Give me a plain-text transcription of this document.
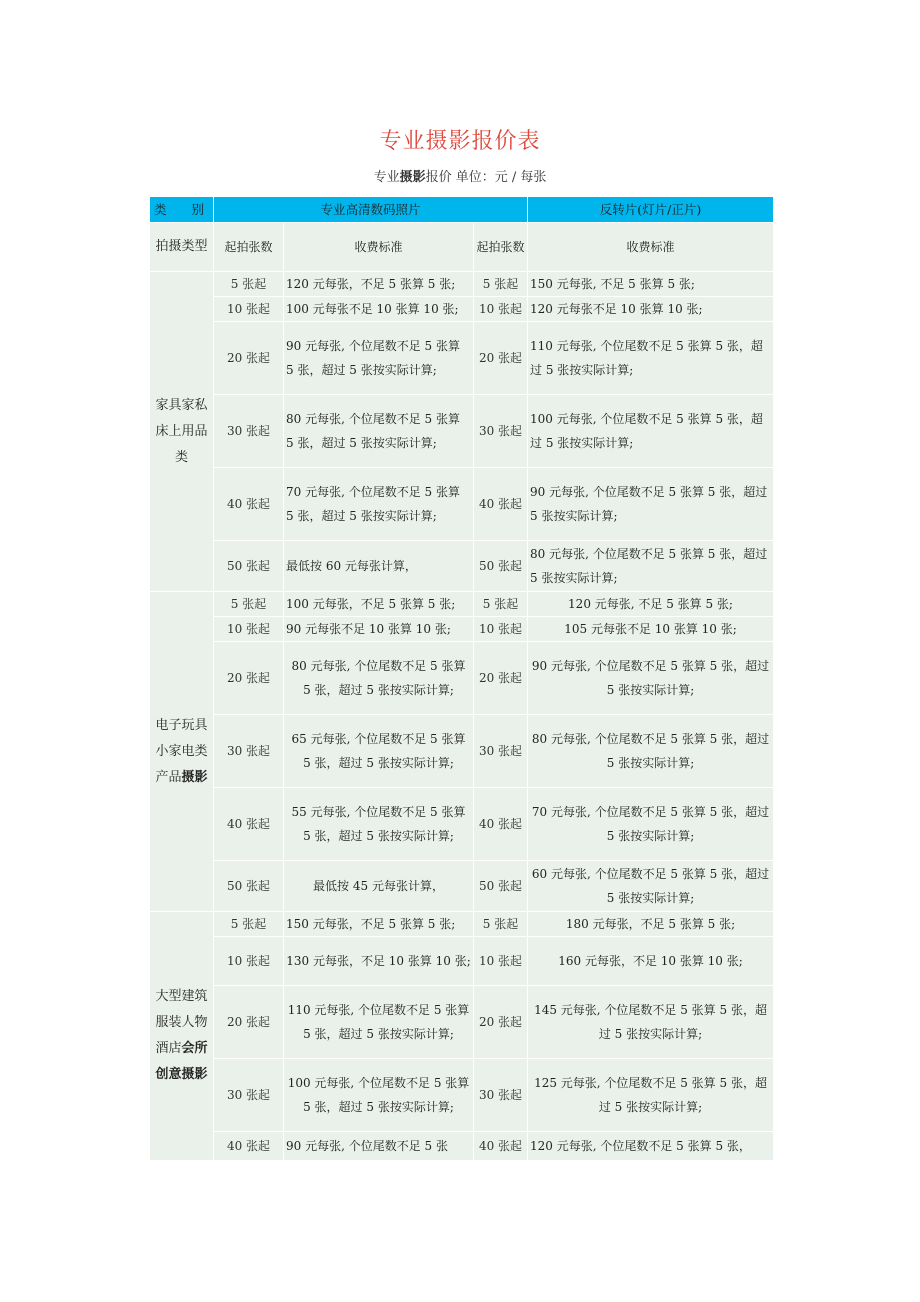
专业摄影报价表
专业摄影报价 单位：元 / 每张
类　　别	专业高清数码照片			反转片(灯片/正片)
拍摄类型	起拍张数	收费标准	起拍张数	收费标准
家具家私床上用品类	5 张起	120 元每张，不足 5 张算 5 张;	5 张起	150 元每张, 不足 5 张算 5 张;
	10 张起	100 元每张不足 10 张算 10 张;	10 张起	120 元每张不足 10 张算 10 张;
	20 张起	90 元每张, 个位尾数不足 5 张算 5 张，超过 5 张按实际计算;	20 张起	110 元每张, 个位尾数不足 5 张算 5 张，超过 5 张按实际计算;
	30 张起	80 元每张, 个位尾数不足 5 张算 5 张，超过 5 张按实际计算;	30 张起	100 元每张, 个位尾数不足 5 张算 5 张，超过 5 张按实际计算;
	40 张起	70 元每张, 个位尾数不足 5 张算 5 张，超过 5 张按实际计算;	40 张起	90 元每张, 个位尾数不足 5 张算 5 张，超过 5 张按实际计算;
	50 张起	最低按 60 元每张计算，	50 张起	80 元每张, 个位尾数不足 5 张算 5 张，超过 5 张按实际计算;
电子玩具小家电类产品摄影	5 张起	100 元每张，不足 5 张算 5 张;	5 张起	120 元每张, 不足 5 张算 5 张;
	10 张起	90 元每张不足 10 张算 10 张;	10 张起	105 元每张不足 10 张算 10 张;
	20 张起	80 元每张, 个位尾数不足 5 张算 5 张，超过 5 张按实际计算;	20 张起	90 元每张, 个位尾数不足 5 张算 5 张，超过 5 张按实际计算;
	30 张起	65 元每张, 个位尾数不足 5 张算 5 张，超过 5 张按实际计算;	30 张起	80 元每张, 个位尾数不足 5 张算 5 张，超过 5 张按实际计算;
	40 张起	55 元每张, 个位尾数不足 5 张算 5 张，超过 5 张按实际计算;	40 张起	70 元每张, 个位尾数不足 5 张算 5 张，超过 5 张按实际计算;
	50 张起	最低按 45 元每张计算，	50 张起	60 元每张, 个位尾数不足 5 张算 5 张，超过 5 张按实际计算;
大型建筑服装人物酒店会所创意摄影	5 张起	150 元每张，不足 5 张算 5 张;	5 张起	180 元每张，不足 5 张算 5 张;
	10 张起	130 元每张，不足 10 张算 10 张;	10 张起	160 元每张，不足 10 张算 10 张;
	20 张起	110 元每张, 个位尾数不足 5 张算 5 张，超过 5 张按实际计算;	20 张起	145 元每张, 个位尾数不足 5 张算 5 张，超过 5 张按实际计算;
	30 张起	100 元每张, 个位尾数不足 5 张算 5 张，超过 5 张按实际计算;	30 张起	125 元每张, 个位尾数不足 5 张算 5 张，超过 5 张按实际计算;
	40 张起	90 元每张, 个位尾数不足 5 张	40 张起	120 元每张, 个位尾数不足 5 张算 5 张，
